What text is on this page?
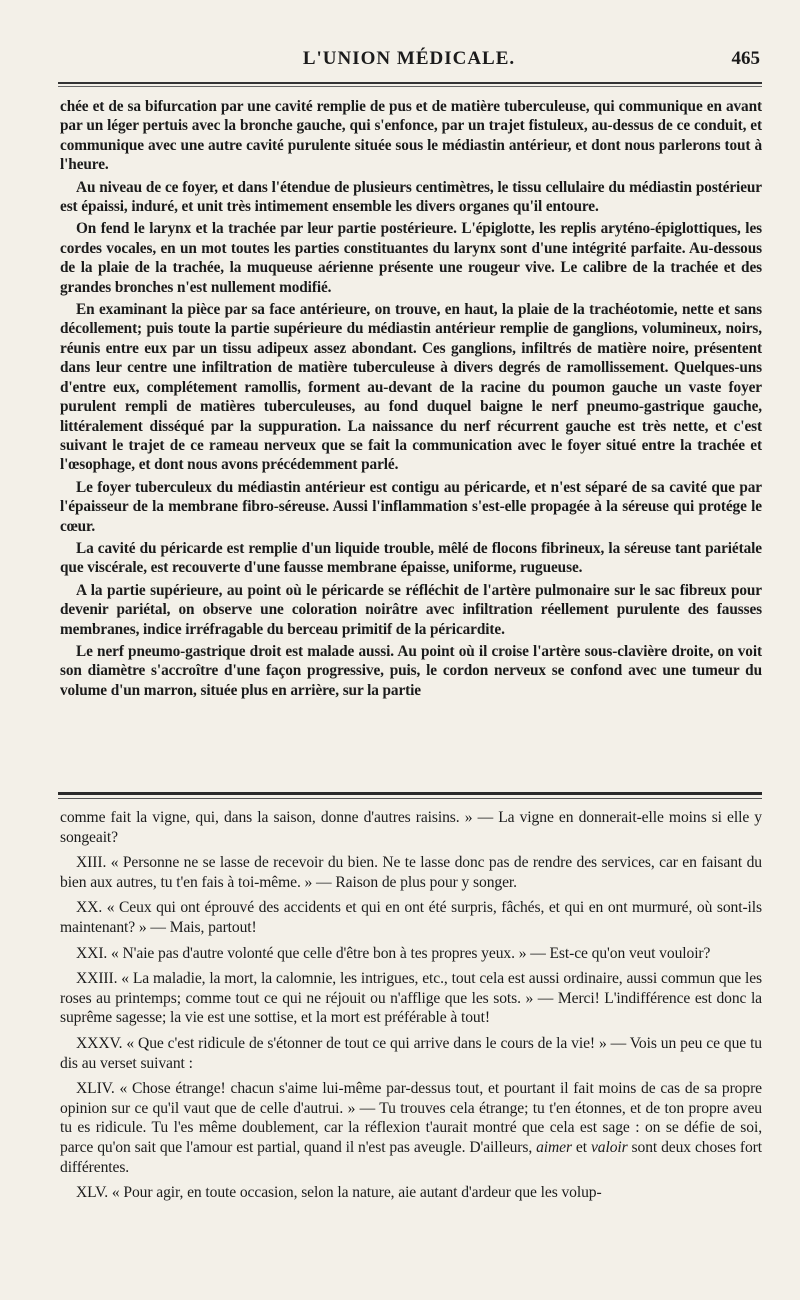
L'UNION MÉDICALE.	465

chée et de sa bifurcation par une cavité remplie de pus et de matière tuberculeuse, qui communique en avant par un léger pertuis avec la bronche gauche, qui s'enfonce, par un trajet fistuleux, au-dessus de ce conduit, et communique avec une autre cavité purulente située sous le médiastin antérieur, et dont nous parlerons tout à l'heure.

Au niveau de ce foyer, et dans l'étendue de plusieurs centimètres, le tissu cellulaire du médiastin postérieur est épaissi, induré, et unit très intimement ensemble les divers organes qu'il entoure.

On fend le larynx et la trachée par leur partie postérieure. L'épiglotte, les replis aryténo-épiglottiques, les cordes vocales, en un mot toutes les parties constituantes du larynx sont d'une intégrité parfaite. Au-dessous de la plaie de la trachée, la muqueuse aérienne présente une rougeur vive. Le calibre de la trachée et des grandes bronches n'est nullement modifié.

En examinant la pièce par sa face antérieure, on trouve, en haut, la plaie de la trachéotomie, nette et sans décollement; puis toute la partie supérieure du médiastin antérieur remplie de ganglions, volumineux, noirs, réunis entre eux par un tissu adipeux assez abondant. Ces ganglions, infiltrés de matière noire, présentent dans leur centre une infiltration de matière tuberculeuse à divers degrés de ramollissement. Quelques-uns d'entre eux, complétement ramollis, forment au-devant de la racine du poumon gauche un vaste foyer purulent rempli de matières tuberculeuses, au fond duquel baigne le nerf pneumo-gastrique gauche, littéralement disséqué par la suppuration. La naissance du nerf récurrent gauche est très nette, et c'est suivant le trajet de ce rameau nerveux que se fait la communication avec le foyer situé entre la trachée et l'œsophage, et dont nous avons précédemment parlé.

Le foyer tuberculeux du médiastin antérieur est contigu au péricarde, et n'est séparé de sa cavité que par l'épaisseur de la membrane fibro-séreuse. Aussi l'inflammation s'est-elle propagée à la séreuse qui protége le cœur.

La cavité du péricarde est remplie d'un liquide trouble, mêlé de flocons fibrineux, la séreuse tant pariétale que viscérale, est recouverte d'une fausse membrane épaisse, uniforme, rugueuse.

A la partie supérieure, au point où le péricarde se réfléchit de l'artère pulmonaire sur le sac fibreux pour devenir pariétal, on observe une coloration noirâtre avec infiltration réellement purulente des fausses membranes, indice irréfragable du berceau primitif de la péricardite.

Le nerf pneumo-gastrique droit est malade aussi. Au point où il croise l'artère sous-clavière droite, on voit son diamètre s'accroître d'une façon progressive, puis, le cordon nerveux se confond avec une tumeur du volume d'un marron, située plus en arrière, sur la partie

comme fait la vigne, qui, dans la saison, donne d'autres raisins. » — La vigne en donnerait-elle moins si elle y songeait?

XIII. « Personne ne se lasse de recevoir du bien. Ne te lasse donc pas de rendre des services, car en faisant du bien aux autres, tu t'en fais à toi-même. » — Raison de plus pour y songer.

XX. « Ceux qui ont éprouvé des accidents et qui en ont été surpris, fâchés, et qui en ont murmuré, où sont-ils maintenant? » — Mais, partout!

XXI. « N'aie pas d'autre volonté que celle d'être bon à tes propres yeux. » — Est-ce qu'on veut vouloir?

XXIII. « La maladie, la mort, la calomnie, les intrigues, etc., tout cela est aussi ordinaire, aussi commun que les roses au printemps; comme tout ce qui ne réjouit ou n'afflige que les sots. » — Merci! L'indifférence est donc la suprême sagesse; la vie est une sottise, et la mort est préférable à tout!

XXXV. « Que c'est ridicule de s'étonner de tout ce qui arrive dans le cours de la vie! » — Vois un peu ce que tu dis au verset suivant :

XLIV. « Chose étrange! chacun s'aime lui-même par-dessus tout, et pourtant il fait moins de cas de sa propre opinion sur ce qu'il vaut que de celle d'autrui. » — Tu trouves cela étrange; tu t'en étonnes, et de ton propre aveu tu es ridicule. Tu l'es même doublement, car la réflexion t'aurait montré que cela est sage : on se défie de soi, parce qu'on sait que l'amour est partial, quand il n'est pas aveugle. D'ailleurs, aimer et valoir sont deux choses fort différentes.

XLV. « Pour agir, en toute occasion, selon la nature, aie autant d'ardeur que les volup-
